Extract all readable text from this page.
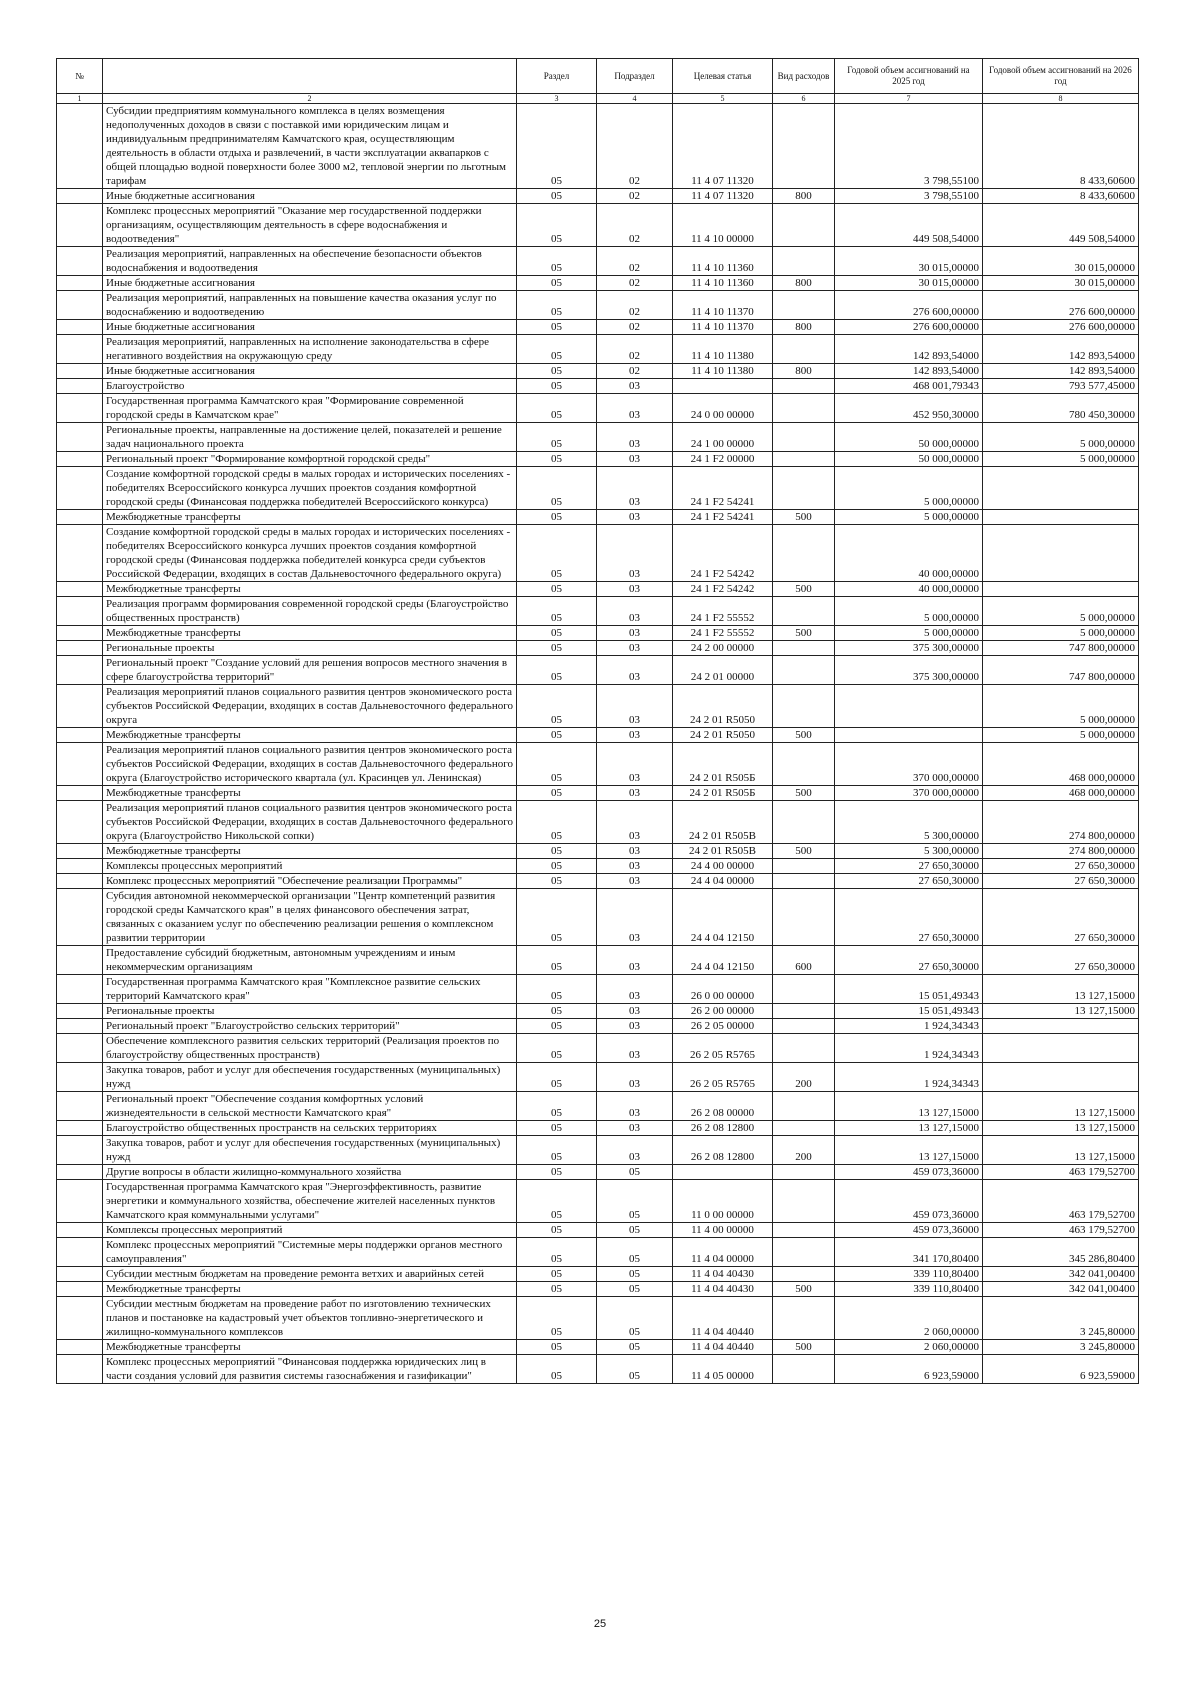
№		Раздел	Подраздел	Целевая статья	Вид расходов	Годовой объем ассигнований на 2025 год	Годовой объем ассигнований на 2026 год
1	2	3	4	5	6	7	8
	Субсидии предприятиям коммунального комплекса в целях возмещения недополученных доходов в связи с поставкой ими юридическим лицам и индивидуальным предпринимателям Камчатского края, осуществляющим деятельность в области отдыха и развлечений, в части эксплуатации аквапарков с общей площадью водной поверхности более 3000 м2, тепловой энергии по льготным тарифам	05	02	11 4 07 11320		3 798,55100	8 433,60600
	Иные бюджетные ассигнования	05	02	11 4 07 11320	800	3 798,55100	8 433,60600
	Комплекс процессных мероприятий "Оказание мер государственной поддержки организациям, осуществляющим деятельность в сфере водоснабжения и водоотведения"	05	02	11 4 10 00000		449 508,54000	449 508,54000
	Реализация мероприятий, направленных на обеспечение безопасности объектов водоснабжения и водоотведения	05	02	11 4 10 11360		30 015,00000	30 015,00000
	Иные бюджетные ассигнования	05	02	11 4 10 11360	800	30 015,00000	30 015,00000
	Реализация мероприятий, направленных на повышение качества оказания услуг по водоснабжению и водоотведению	05	02	11 4 10 11370		276 600,00000	276 600,00000
	Иные бюджетные ассигнования	05	02	11 4 10 11370	800	276 600,00000	276 600,00000
	Реализация мероприятий, направленных на исполнение законодательства в сфере негативного воздействия на окружающую среду	05	02	11 4 10 11380		142 893,54000	142 893,54000
	Иные бюджетные ассигнования	05	02	11 4 10 11380	800	142 893,54000	142 893,54000
	Благоустройство	05	03			468 001,79343	793 577,45000
	Государственная программа Камчатского края "Формирование современной городской среды в Камчатском крае"	05	03	24 0 00 00000		452 950,30000	780 450,30000
	Региональные проекты, направленные на достижение целей, показателей и решение задач национального проекта	05	03	24 1 00 00000		50 000,00000	5 000,00000
	Региональный проект "Формирование комфортной городской среды"	05	03	24 1 F2 00000		50 000,00000	5 000,00000
	Создание комфортной городской среды в малых городах и исторических поселениях - победителях Всероссийского конкурса лучших проектов создания комфортной городской среды (Финансовая поддержка победителей Всероссийского конкурса)	05	03	24 1 F2 54241		5 000,00000	
	Межбюджетные трансферты	05	03	24 1 F2 54241	500	5 000,00000	
	Создание комфортной городской среды в малых городах и исторических поселениях - победителях Всероссийского конкурса лучших проектов создания комфортной городской среды (Финансовая поддержка победителей конкурса среди субъектов Российской Федерации, входящих в состав Дальневосточного федерального округа)	05	03	24 1 F2 54242		40 000,00000	
	Межбюджетные трансферты	05	03	24 1 F2 54242	500	40 000,00000	
	Реализация программ формирования современной городской среды (Благоустройство общественных пространств)	05	03	24 1 F2 55552		5 000,00000	5 000,00000
	Межбюджетные трансферты	05	03	24 1 F2 55552	500	5 000,00000	5 000,00000
	Региональные проекты	05	03	24 2 00 00000		375 300,00000	747 800,00000
	Региональный проект "Создание условий для решения вопросов местного значения в сфере благоустройства территорий"	05	03	24 2 01 00000		375 300,00000	747 800,00000
	Реализация мероприятий планов социального развития центров экономического роста субъектов Российской Федерации, входящих в состав Дальневосточного федерального округа	05	03	24 2 01 R5050			5 000,00000
	Межбюджетные трансферты	05	03	24 2 01 R5050	500		5 000,00000
	Реализация мероприятий планов социального развития центров экономического роста субъектов Российской Федерации, входящих в состав Дальневосточного федерального округа (Благоустройство исторического квартала (ул. Красинцев ул. Ленинская)	05	03	24 2 01 R505Б		370 000,00000	468 000,00000
	Межбюджетные трансферты	05	03	24 2 01 R505Б	500	370 000,00000	468 000,00000
	Реализация мероприятий планов социального развития центров экономического роста субъектов Российской Федерации, входящих в состав Дальневосточного федерального округа (Благоустройство Никольской сопки)	05	03	24 2 01 R505В		5 300,00000	274 800,00000
	Межбюджетные трансферты	05	03	24 2 01 R505В	500	5 300,00000	274 800,00000
	Комплексы процессных мероприятий	05	03	24 4 00 00000		27 650,30000	27 650,30000
	Комплекс процессных мероприятий "Обеспечение реализации Программы"	05	03	24 4 04 00000		27 650,30000	27 650,30000
	Субсидия автономной некоммерческой организации "Центр компетенций развития городской среды Камчатского края" в целях финансового обеспечения затрат, связанных с оказанием услуг по обеспечению реализации решения о комплексном развитии территории	05	03	24 4 04 12150		27 650,30000	27 650,30000
	Предоставление субсидий бюджетным, автономным учреждениям и иным некоммерческим организациям	05	03	24 4 04 12150	600	27 650,30000	27 650,30000
	Государственная программа Камчатского края "Комплексное развитие сельских территорий Камчатского края"	05	03	26 0 00 00000		15 051,49343	13 127,15000
	Региональные проекты	05	03	26 2 00 00000		15 051,49343	13 127,15000
	Региональный проект "Благоустройство сельских территорий"	05	03	26 2 05 00000		1 924,34343	
	Обеспечение комплексного развития сельских территорий (Реализация проектов по благоустройству общественных пространств)	05	03	26 2 05 R5765		1 924,34343	
	Закупка товаров, работ и услуг для обеспечения государственных (муниципальных) нужд	05	03	26 2 05 R5765	200	1 924,34343	
	Региональный проект "Обеспечение создания комфортных условий жизнедеятельности в сельской местности Камчатского края"	05	03	26 2 08 00000		13 127,15000	13 127,15000
	Благоустройство общественных пространств на сельских территориях	05	03	26 2 08 12800		13 127,15000	13 127,15000
	Закупка товаров, работ и услуг для обеспечения государственных (муниципальных) нужд	05	03	26 2 08 12800	200	13 127,15000	13 127,15000
	Другие вопросы в области жилищно-коммунального хозяйства	05	05			459 073,36000	463 179,52700
	Государственная программа Камчатского края "Энергоэффективность, развитие энергетики и коммунального хозяйства, обеспечение жителей населенных пунктов Камчатского края коммунальными услугами"	05	05	11 0 00 00000		459 073,36000	463 179,52700
	Комплексы процессных мероприятий	05	05	11 4 00 00000		459 073,36000	463 179,52700
	Комплекс процессных мероприятий "Системные меры поддержки органов местного самоуправления"	05	05	11 4 04 00000		341 170,80400	345 286,80400
	Субсидии местным бюджетам на проведение ремонта ветхих и аварийных сетей	05	05	11 4 04 40430		339 110,80400	342 041,00400
	Межбюджетные трансферты	05	05	11 4 04 40430	500	339 110,80400	342 041,00400
	Субсидии местным бюджетам на проведение работ по изготовлению технических планов и постановке на кадастровый учет объектов топливно-энергетического и жилищно-коммунального комплексов	05	05	11 4 04 40440		2 060,00000	3 245,80000
	Межбюджетные трансферты	05	05	11 4 04 40440	500	2 060,00000	3 245,80000
	Комплекс процессных мероприятий "Финансовая поддержка юридических лиц в части создания условий для развития системы газоснабжения и газификации"	05	05	11 4 05 00000		6 923,59000	6 923,59000
25
